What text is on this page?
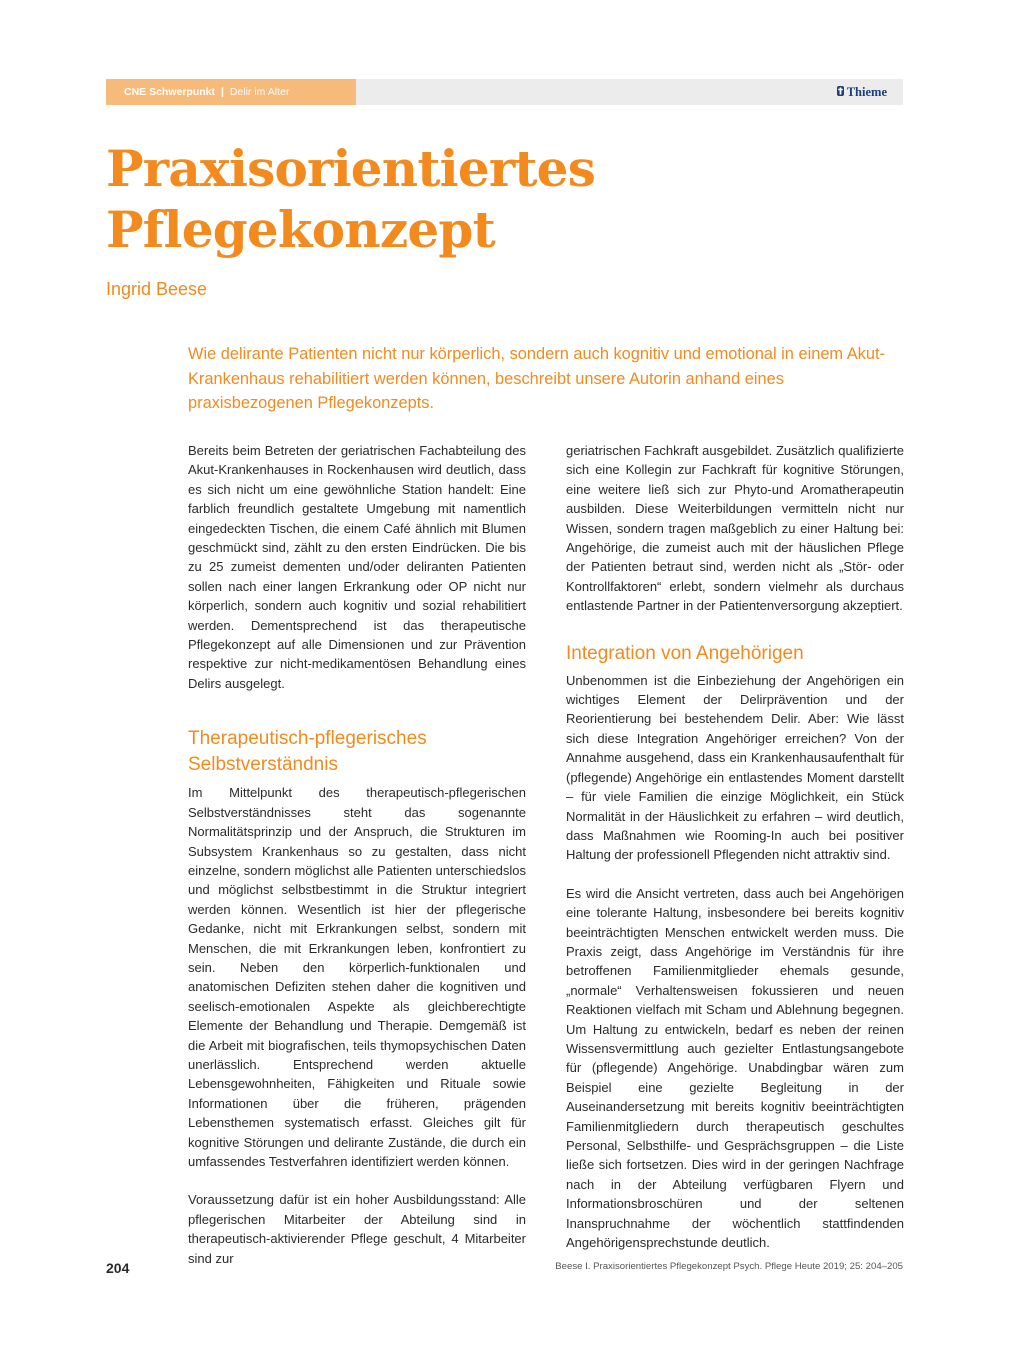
CNE Schwerpunkt | Delir im Alter	Thieme
Praxisorientiertes
Pflegekonzept
Ingrid Beese

Wie delirante Patienten nicht nur körperlich, sondern auch kognitiv und emotional in einem Akut-Krankenhaus rehabilitiert werden können, beschreibt unsere Autorin anhand eines praxisbezogenen Pflegekonzepts.

Bereits beim Betreten der geriatrischen Fachabteilung des Akut-Krankenhauses in Rockenhausen wird deutlich, dass es sich nicht um eine gewöhnliche Station handelt: Eine farblich freundlich gestaltete Umgebung mit namentlich eingedeckten Tischen, die einem Café ähnlich mit Blumen geschmückt sind, zählt zu den ersten Eindrücken. Die bis zu 25 zumeist dementen und/oder deliranten Patienten sollen nach einer langen Erkrankung oder OP nicht nur körperlich, sondern auch kognitiv und sozial rehabilitiert werden. Dementsprechend ist das therapeutische Pflegekonzept auf alle Dimensionen und zur Prävention respektive zur nicht-medikamentösen Behandlung eines Delirs ausgelegt.

Therapeutisch-pflegerisches Selbstverständnis

Im Mittelpunkt des therapeutisch-pflegerischen Selbstverständnisses steht das sogenannte Normalitätsprinzip und der Anspruch, die Strukturen im Subsystem Krankenhaus so zu gestalten, dass nicht einzelne, sondern möglichst alle Patienten unterschiedslos und möglichst selbstbestimmt in die Struktur integriert werden können. Wesentlich ist hier der pflegerische Gedanke, nicht mit Erkrankungen selbst, sondern mit Menschen, die mit Erkrankungen leben, konfrontiert zu sein. Neben den körperlich-funktionalen und anatomischen Defiziten stehen daher die kognitiven und seelisch-emotionalen Aspekte als gleichberechtigte Elemente der Behandlung und Therapie. Demgemäß ist die Arbeit mit biografischen, teils thymopsychischen Daten unerlässlich. Entsprechend werden aktuelle Lebensgewohnheiten, Fähigkeiten und Rituale sowie Informationen über die früheren, prägenden Lebensthemen systematisch erfasst. Gleiches gilt für kognitive Störungen und delirante Zustände, die durch ein umfassendes Testverfahren identifiziert werden können.

Voraussetzung dafür ist ein hoher Ausbildungsstand: Alle pflegerischen Mitarbeiter der Abteilung sind in therapeutisch-aktivierender Pflege geschult, 4 Mitarbeiter sind zur

geriatrischen Fachkraft ausgebildet. Zusätzlich qualifizierte sich eine Kollegin zur Fachkraft für kognitive Störungen, eine weitere ließ sich zur Phyto-und Aromatherapeutin ausbilden. Diese Weiterbildungen vermitteln nicht nur Wissen, sondern tragen maßgeblich zu einer Haltung bei: Angehörige, die zumeist auch mit der häuslichen Pflege der Patienten betraut sind, werden nicht als „Stör- oder Kontrollfaktoren“ erlebt, sondern vielmehr als durchaus entlastende Partner in der Patientenversorgung akzeptiert.

Integration von Angehörigen

Unbenommen ist die Einbeziehung der Angehörigen ein wichtiges Element der Delirprävention und der Reorientierung bei bestehendem Delir. Aber: Wie lässt sich diese Integration Angehöriger erreichen? Von der Annahme ausgehend, dass ein Krankenhausaufenthalt für (pflegende) Angehörige ein entlastendes Moment darstellt – für viele Familien die einzige Möglichkeit, ein Stück Normalität in der Häuslichkeit zu erfahren – wird deutlich, dass Maßnahmen wie Rooming-In auch bei positiver Haltung der professionell Pflegenden nicht attraktiv sind.

Es wird die Ansicht vertreten, dass auch bei Angehörigen eine tolerante Haltung, insbesondere bei bereits kognitiv beeinträchtigten Menschen entwickelt werden muss. Die Praxis zeigt, dass Angehörige im Verständnis für ihre betroffenen Familienmitglieder ehemals gesunde, „normale“ Verhaltensweisen fokussieren und neuen Reaktionen vielfach mit Scham und Ablehnung begegnen. Um Haltung zu entwickeln, bedarf es neben der reinen Wissensvermittlung auch gezielter Entlastungsangebote für (pflegende) Angehörige. Unabdingbar wären zum Beispiel eine gezielte Begleitung in der Auseinandersetzung mit bereits kognitiv beeinträchtigten Familienmitgliedern durch therapeutisch geschultes Personal, Selbsthilfe- und Gesprächsgruppen – die Liste ließe sich fortsetzen. Dies wird in der geringen Nachfrage nach in der Abteilung verfügbaren Flyern und Informationsbroschüren und der seltenen Inanspruchnahme der wöchentlich stattfindenden Angehörigensprechstunde deutlich.

204	Beese I. Praxisorientiertes Pflegekonzept Psych. Pflege Heute 2019; 25: 204–205
